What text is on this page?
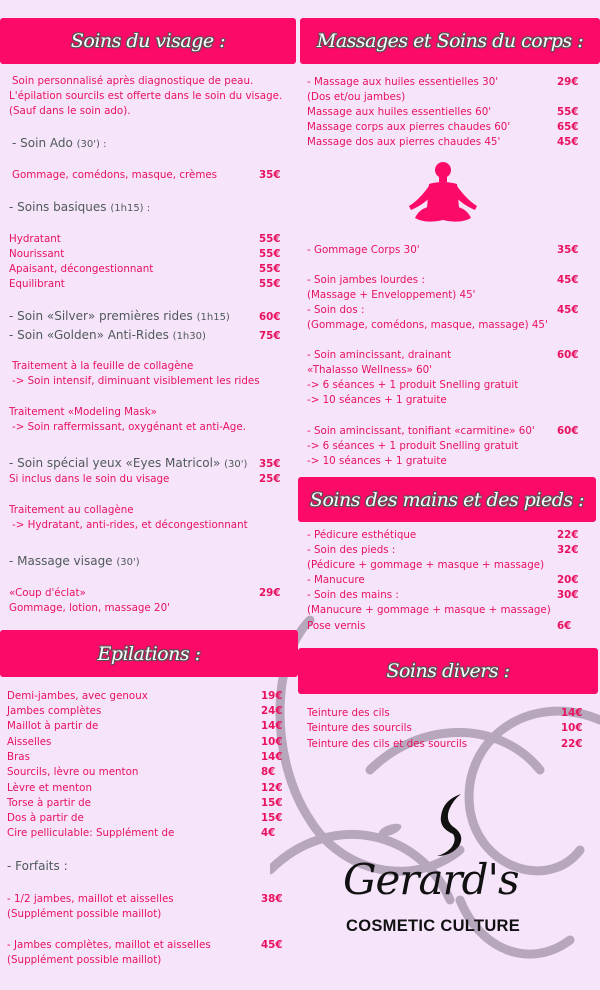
Soins du visage :
Soin personnalisé après diagnostique de peau.
L'épilation sourcils est offerte dans le soin du visage.
(Sauf dans le soin ado).
- Soin Ado (30') :
Gommage, comédons, masque, crèmes	35€
- Soins basiques (1h15) :
Hydratant	55€
Nourissant	55€
Apaisant, décongestionnant	55€
Equilibrant	55€
- Soin «Silver» premières rides (1h15)	60€
- Soin «Golden» Anti-Rides (1h30)	75€
Traitement à la feuille de collagène
-> Soin intensif, diminuant visiblement les rides
Traitement «Modeling Mask»
-> Soin raffermissant, oxygénant et anti-Age.
- Soin spécial yeux «Eyes Matricol» (30') 35€
Si inclus dans le soin du visage	25€
Traitement au collagène
-> Hydratant, anti-rides, et décongestionnant
- Massage visage (30')
«Coup d'éclat»	29€
Gommage, lotion, massage 20'
Epilations :
Demi-jambes, avec genoux	19€
Jambes complètes	24€
Maillot à partir de	14€
Aisselles	10€
Bras	14€
Sourcils, lèvre ou menton	8€
Lèvre et menton	12€
Torse à partir de	15€
Dos à partir de	15€
Cire pelliculable: Supplément de	4€
- Forfaits :
- 1/2 jambes, maillot et aisselles	38€
(Supplément possible maillot)
- Jambes complètes, maillot et aisselles	45€
(Supplément possible maillot)
Massages et Soins du corps :
- Massage aux huiles essentielles 30'	29€
(Dos et/ou jambes)
Massage aux huiles essentielles 60'	55€
Massage corps aux pierres chaudes 60'	65€
Massage dos aux pierres chaudes 45'	45€
- Gommage Corps 30'	35€
- Soin jambes lourdes :	45€
(Massage + Enveloppement) 45'
- Soin dos :	45€
(Gommage, comédons, masque, massage) 45'
- Soin amincissant, drainant	60€
«Thalasso Wellness» 60'
-> 6 séances + 1 produit Snelling gratuit
-> 10 séances + 1 gratuite
- Soin amincissant, tonifiant «carmitine» 60' 60€
-> 6 séances + 1 produit Snelling gratuit
-> 10 séances + 1 gratuite
Soins des mains et des pieds :
- Pédicure esthétique	22€
- Soin des pieds :	32€
(Pédicure + gommage + masque + massage)
- Manucure	20€
- Soin des mains :	30€
(Manucure + gommage + masque + massage)
Pose vernis	6€
Soins divers :
Teinture des cils	14€
Teinture des sourcils	10€
Teinture des cils et des sourcils	22€
Gerard's
COSMETIC CULTURE
